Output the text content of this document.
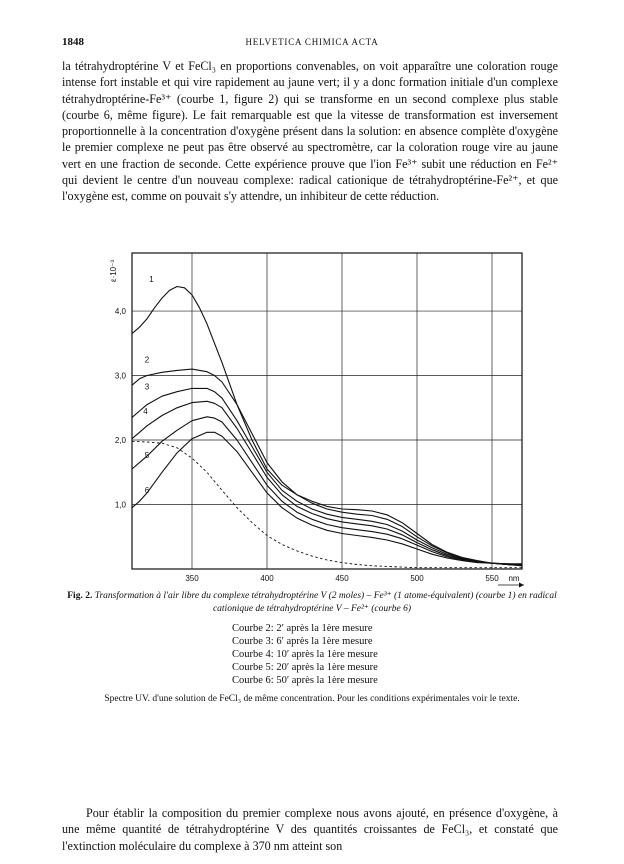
1848	HELVETICA CHIMICA ACTA

la tétrahydroptérine V et FeCl₃ en proportions convenables, on voit apparaître une coloration rouge intense fort instable et qui vire rapidement au jaune vert; il y a donc formation initiale d'un complexe tétrahydroptérine-Fe³⁺ (courbe 1, figure 2) qui se transforme en un second complexe plus stable (courbe 6, même figure). Le fait remarquable est que la vitesse de transformation est inversement proportionnelle à la concentration d'oxygène présent dans la solution: en absence complète d'oxygène le premier complexe ne peut pas être observé au spectromètre, car la coloration rouge vire au jaune vert en une fraction de seconde. Cette expérience prouve que l'ion Fe³⁺ subit une réduction en Fe²⁺ qui devient le centre d'un nouveau complexe: radical cationique de tétrahydroptérine-Fe²⁺, et que l'oxygène est, comme on pouvait s'y attendre, un inhibiteur de cette réduction.

350	400	450	500	550
1,0
2,0
3,0
4,0
ε·10⁻³
nm
1
2
3
4
5
6

Fig. 2. Transformation à l'air libre du complexe tétrahydroptérine V (2 moles) – Fe³⁺ (1 atome-équivalent) (courbe 1) en radical cationique de tétrahydroptérine V – Fe²⁺ (courbe 6)

Courbe 2: 2′ après la 1ère mesure
Courbe 3: 6′ après la 1ère mesure
Courbe 4: 10′ après la 1ère mesure
Courbe 5: 20′ après la 1ère mesure
Courbe 6: 50′ après la 1ère mesure

Spectre UV. d'une solution de FeCl₃ de même concentration. Pour les conditions expérimentales voir le texte.

Pour établir la composition du premier complexe nous avons ajouté, en présence d'oxygène, à une même quantité de tétrahydroptérine V des quantités croissantes de FeCl₃, et constaté que l'extinction moléculaire du complexe à 370 nm atteint son
